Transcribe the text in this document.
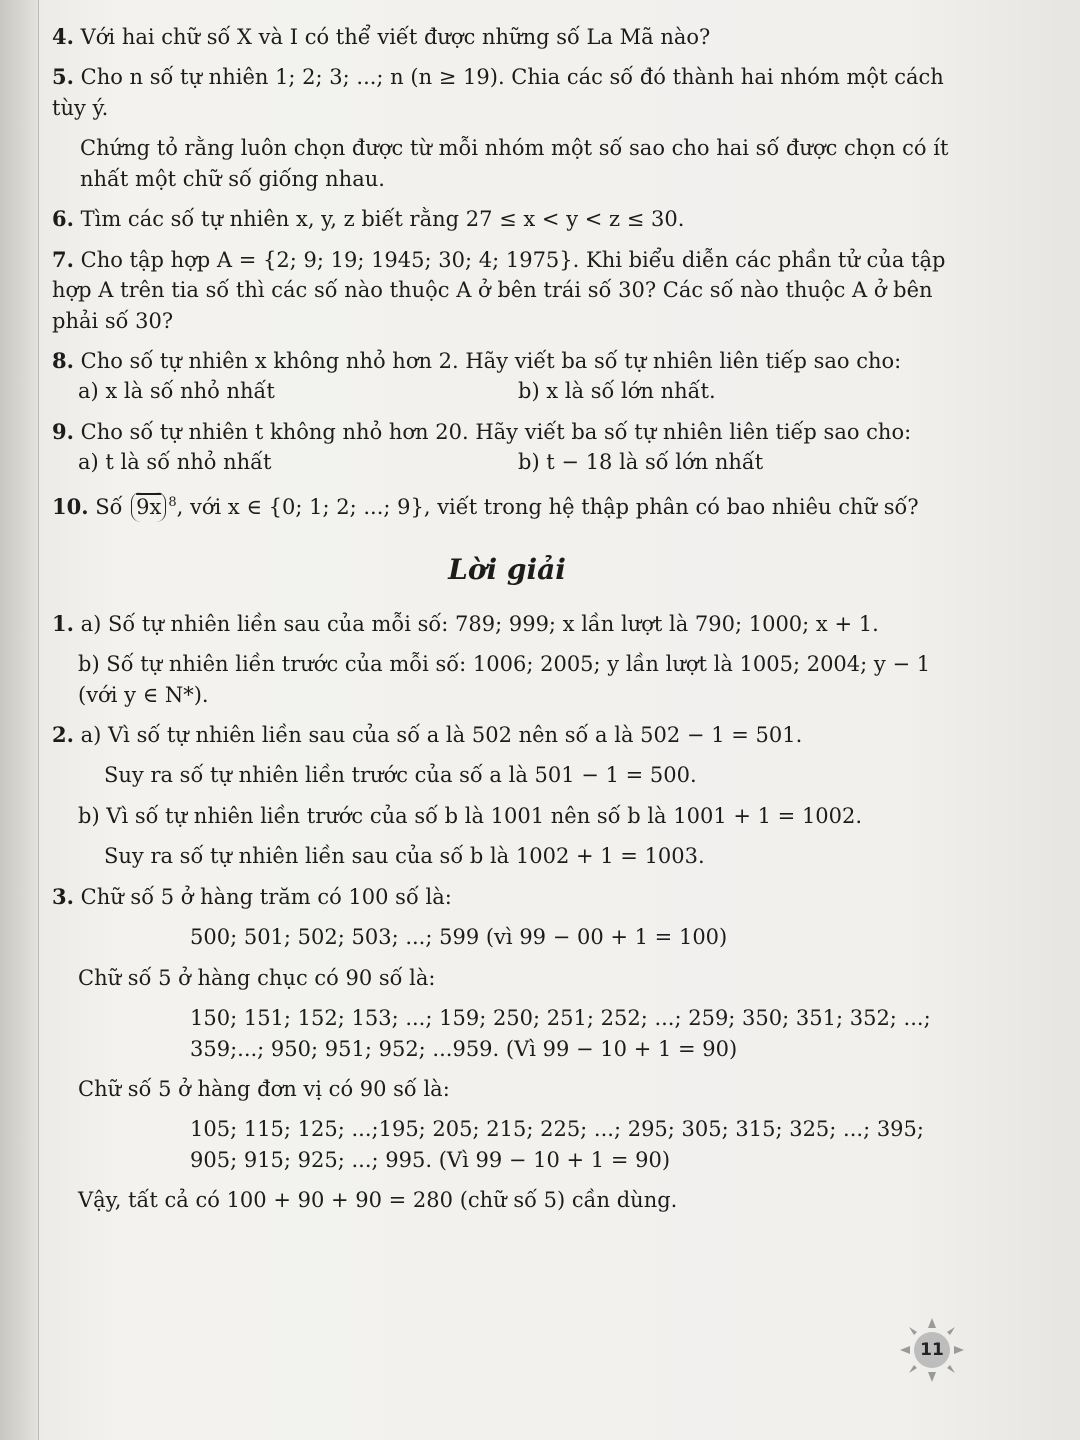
4. Với hai chữ số X và I có thể viết được những số La Mã nào?
5. Cho n số tự nhiên 1; 2; 3; ...; n (n ≥ 19). Chia các số đó thành hai nhóm một cách tùy ý.
Chứng tỏ rằng luôn chọn được từ mỗi nhóm một số sao cho hai số được chọn có ít nhất một chữ số giống nhau.
6. Tìm các số tự nhiên x, y, z biết rằng 27 ≤ x < y < z ≤ 30.
7. Cho tập hợp A = {2; 9; 19; 1945; 30; 4; 1975}. Khi biểu diễn các phần tử của tập hợp A trên tia số thì các số nào thuộc A ở bên trái số 30? Các số nào thuộc A ở bên phải số 30?
8. Cho số tự nhiên x không nhỏ hơn 2. Hãy viết ba số tự nhiên liên tiếp sao cho:
a) x là số nhỏ nhất	b) x là số lớn nhất.
9. Cho số tự nhiên t không nhỏ hơn 20. Hãy viết ba số tự nhiên liên tiếp sao cho:
a) t là số nhỏ nhất	b) t − 18 là số lớn nhất
10. Số 9x $^8$, với x ∈ {0; 1; 2; ...; 9}, viết trong hệ thập phân có bao nhiêu chữ số?
Lời giải

1. a) Số tự nhiên liền sau của mỗi số: 789; 999; x lần lượt là 790; 1000; x + 1.

b) Số tự nhiên liền trước của mỗi số: 1006; 2005; y lần lượt là 1005; 2004; y − 1 (với y ∈ N*).

2. a) Vì số tự nhiên liền sau của số a là 502 nên số a là 502 − 1 = 501.

Suy ra số tự nhiên liền trước của số a là 501 − 1 = 500.

b) Vì số tự nhiên liền trước của số b là 1001 nên số b là 1001 + 1 = 1002.

Suy ra số tự nhiên liền sau của số b là 1002 + 1 = 1003.

3. Chữ số 5 ở hàng trăm có 100 số là:

500; 501; 502; 503; ...; 599 (vì 99 − 00 + 1 = 100)

Chữ số 5 ở hàng chục có 90 số là:

150; 151; 152; 153; ...; 159; 250; 251; 252; ...; 259; 350; 351; 352; ...; 359;...; 950; 951; 952; ...959. (Vì 99 − 10 + 1 = 90)

Chữ số 5 ở hàng đơn vị có 90 số là:

105; 115; 125; ...;195; 205; 215; 225; ...; 295; 305; 315; 325; ...; 395; 905; 915; 925; ...; 995. (Vì 99 − 10 + 1 = 90)

Vậy, tất cả có 100 + 90 + 90 = 280 (chữ số 5) cần dùng.

11
